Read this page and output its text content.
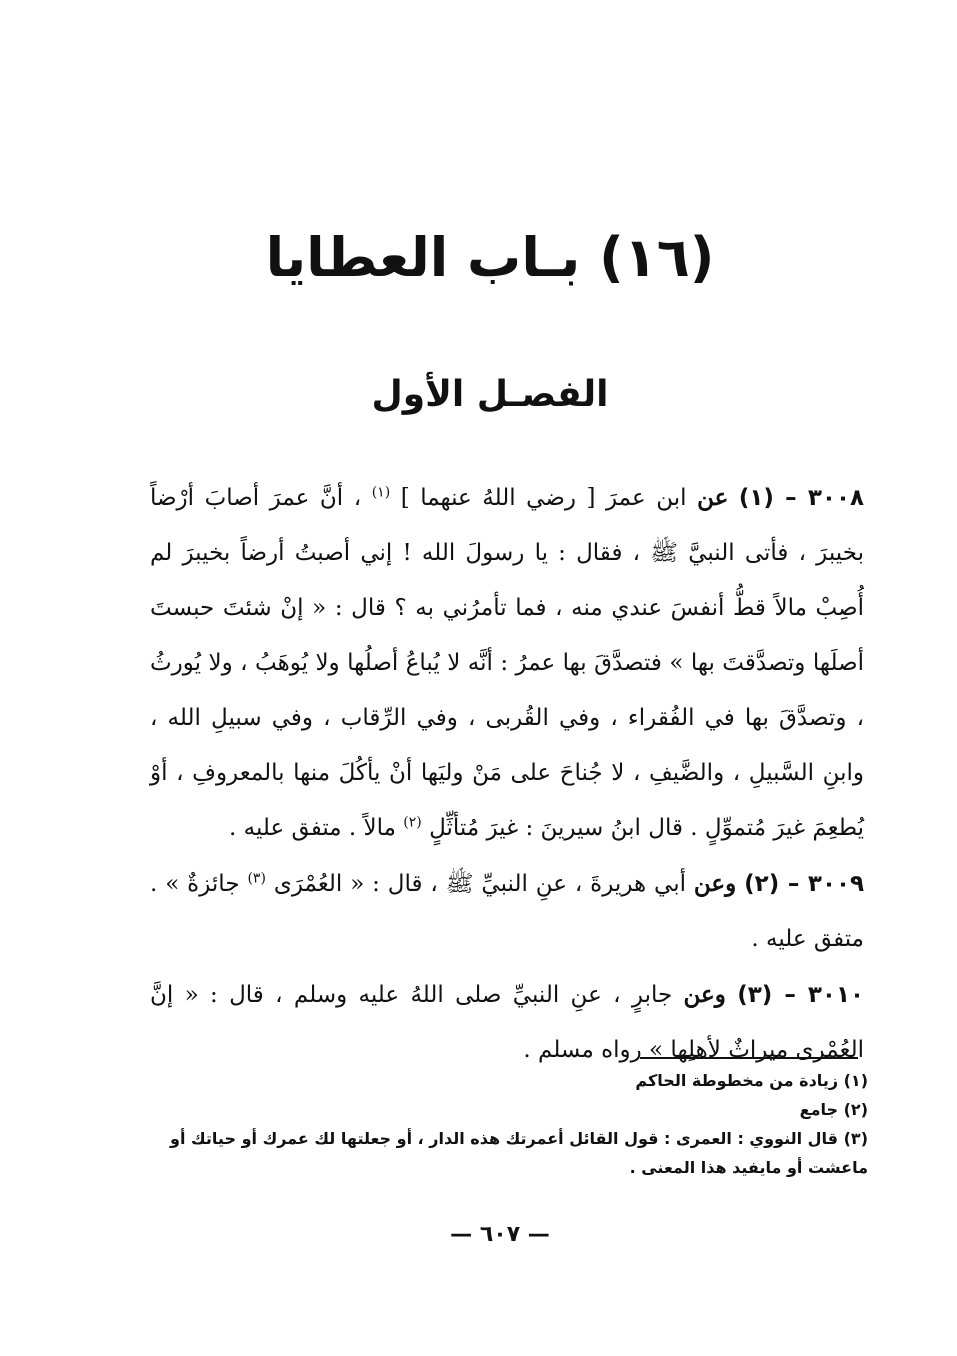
(١٦) بـاب العطايا
الفصـل الأول

٣٠٠٨ – (١) عن ابن عمرَ [ رضي اللهُ عنهما ] $^{(١)}$ ، أنَّ عمرَ أصابَ أرْضاً بخيبرَ ، فأتى النبيَّ ﷺ ، فقال : يا رسولَ الله ! إني أصبتُ أرضاً بخيبرَ لم أُصِبْ مالاً قطُّ أنفسَ عندي منه ، فما تأمرُني به ؟ قال : « إنْ شئتَ حبستَ أصلَها وتصدَّقتَ بها » فتصدَّقَ بها عمرُ : أنَّه لا يُباعُ أصلُها ولا يُوهَبُ ، ولا يُورثُ ، وتصدَّقَ بها في الفُقراء ، وفي القُربى ، وفي الرِّقاب ، وفي سبيلِ الله ، وابنِ السَّبيلِ ، والضَّيفِ ، لا جُناحَ على مَنْ وليَها أنْ يأكُلَ منها بالمعروفِ ، أوْ يُطعِمَ غيرَ مُتموِّلٍ . قال ابنُ سيرينَ : غيرَ مُتأثِّلٍ $^{(٢)}$ مالاً . متفق عليه .

٣٠٠٩ – (٢) وعن أبي هريرةَ ، عنِ النبيِّ ﷺ ، قال : « العُمْرَى $^{(٣)}$ جائزةٌ » . متفق عليه .

٣٠١٠ – (٣) وعن جابرٍ ، عنِ النبيِّ صلى اللهُ عليه وسلم ، قال : « إنَّ العُمْرى ميراثٌ لأهلِها » رواه مسلم .

(١) زيادة من مخطوطة الحاكم

(٢) جامع

(٣) قال النووي : العمرى : قول القائل أعمرتك هذه الدار ، أو جعلتها لك عمرك أو حياتك أو ماعشت أو مايفيد هذا المعنى .

— ٦٠٧ —
